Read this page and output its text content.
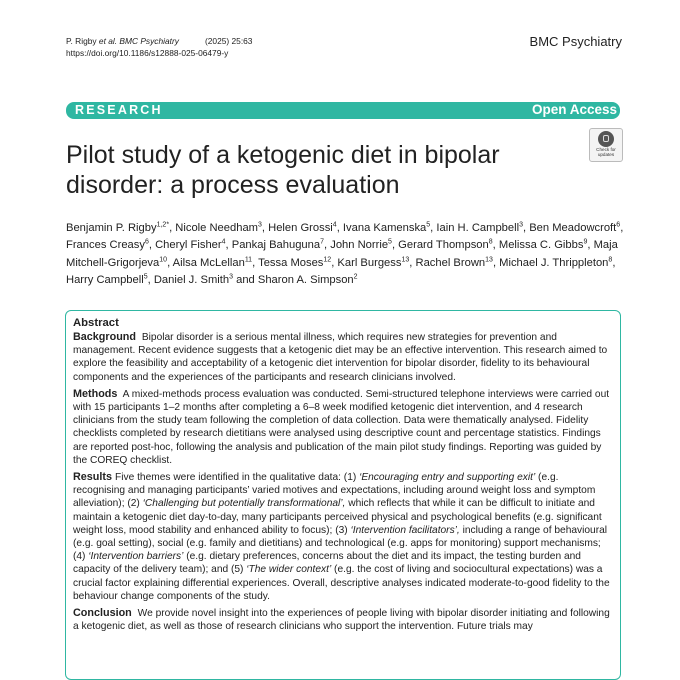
P. Rigby et al. BMC Psychiatry	(2025) 25:63
https://doi.org/10.1186/s12888-025-06479-y
BMC Psychiatry
RESEARCH	Open Access
Pilot study of a ketogenic diet in bipolar disorder: a process evaluation
Check for
updates

Benjamin P. Rigby$^{1,2*}$, Nicole Needham$^3$, Helen Grossi$^4$, Ivana Kamenska$^5$, Iain H. Campbell$^3$, Ben Meadowcroft$^6$, Frances Creasy$^6$, Cheryl Fisher$^4$, Pankaj Bahuguna$^7$, John Norrie$^5$, Gerard Thompson$^8$, Melissa C. Gibbs$^9$, Maja Mitchell-Grigorjeva$^{10}$, Ailsa McLellan$^{11}$, Tessa Moses$^{12}$, Karl Burgess$^{13}$, Rachel Brown$^{13}$, Michael J. Thrippleton$^8$, Harry Campbell$^5$, Daniel J. Smith$^3$ and Sharon A. Simpson$^2$

Abstract

Background Bipolar disorder is a serious mental illness, which requires new strategies for prevention and management. Recent evidence suggests that a ketogenic diet may be an effective intervention. This research aimed to explore the feasibility and acceptability of a ketogenic diet intervention for bipolar disorder, fidelity to its behavioural components and the experiences of the participants and research clinicians involved.

Methods A mixed-methods process evaluation was conducted. Semi-structured telephone interviews were carried out with 15 participants 1–2 months after completing a 6–8 week modified ketogenic diet intervention, and 4 research clinicians from the study team following the completion of data collection. Data were thematically analysed. Fidelity checklists completed by research dietitians were analysed using descriptive count and percentage statistics. Findings are reported post-hoc, following the analysis and publication of the main pilot study findings. Reporting was guided by the COREQ checklist.

Results Five themes were identified in the qualitative data: (1) ‘Encouraging entry and supporting exit’ (e.g. recognising and managing participants’ varied motives and expectations, including around weight loss and symptom alleviation); (2) ‘Challenging but potentially transformational’, which reflects that while it can be difficult to initiate and maintain a ketogenic diet day-to-day, many participants perceived physical and psychological benefits (e.g. significant weight loss, mood stability and enhanced ability to focus); (3) ‘Intervention facilitators’, including a range of behavioural (e.g. goal setting), social (e.g. family and dietitians) and technological (e.g. apps for monitoring) support mechanisms; (4) ‘Intervention barriers’ (e.g. dietary preferences, concerns about the diet and its impact, the testing burden and capacity of the delivery team); and (5) ‘The wider context’ (e.g. the cost of living and sociocultural expectations) was a crucial factor explaining differential experiences. Overall, descriptive analyses indicated moderate-to-good fidelity to the behaviour change components of the study.

Conclusion We provide novel insight into the experiences of people living with bipolar disorder initiating and following a ketogenic diet, as well as those of research clinicians who support the intervention. Future trials may
